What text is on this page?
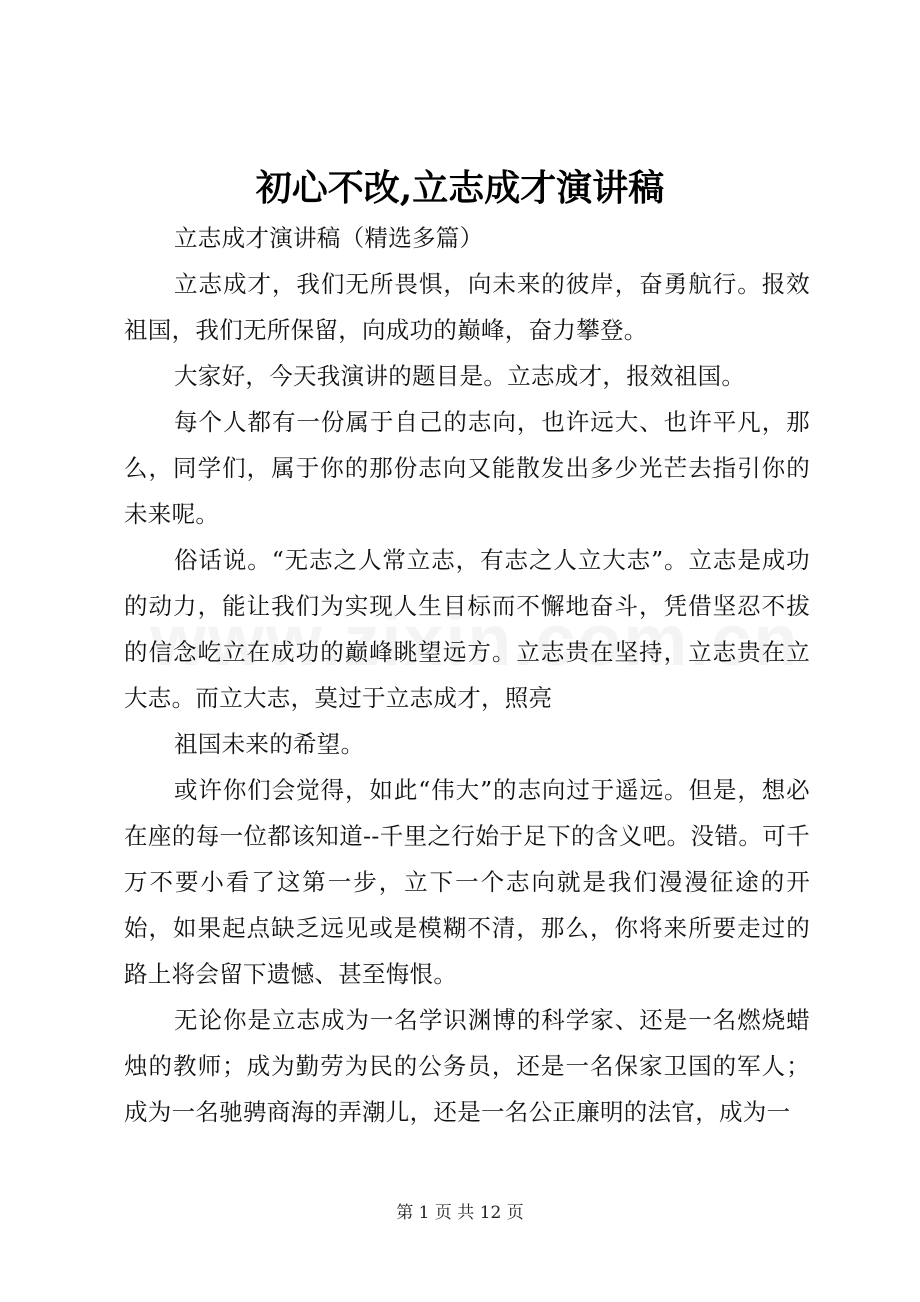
初心不改,立志成才演讲稿

立志成才演讲稿（精选多篇）

立志成才，我们无所畏惧，向未来的彼岸，奋勇航行。报效祖国，我们无所保留，向成功的巅峰，奋力攀登。

大家好，今天我演讲的题目是。立志成才，报效祖国。

每个人都有一份属于自己的志向，也许远大、也许平凡，那么，同学们，属于你的那份志向又能散发出多少光芒去指引你的未来呢。

俗话说。“无志之人常立志，有志之人立大志”。立志是成功的动力，能让我们为实现人生目标而不懈地奋斗，凭借坚忍不拔的信念屹立在成功的巅峰眺望远方。立志贵在坚持，立志贵在立大志。而立大志，莫过于立志成才，照亮

祖国未来的希望。

或许你们会觉得，如此“伟大”的志向过于遥远。但是，想必在座的每一位都该知道--千里之行始于足下的含义吧。没错。可千万不要小看了这第一步，立下一个志向就是我们漫漫征途的开始，如果起点缺乏远见或是模糊不清，那么，你将来所要走过的路上将会留下遗憾、甚至悔恨。

无论你是立志成为一名学识渊博的科学家、还是一名燃烧蜡烛的教师；成为勤劳为民的公务员，还是一名保家卫国的军人；成为一名驰骋商海的弄潮儿，还是一名公正廉明的法官，成为一

第 1 页 共 12 页
